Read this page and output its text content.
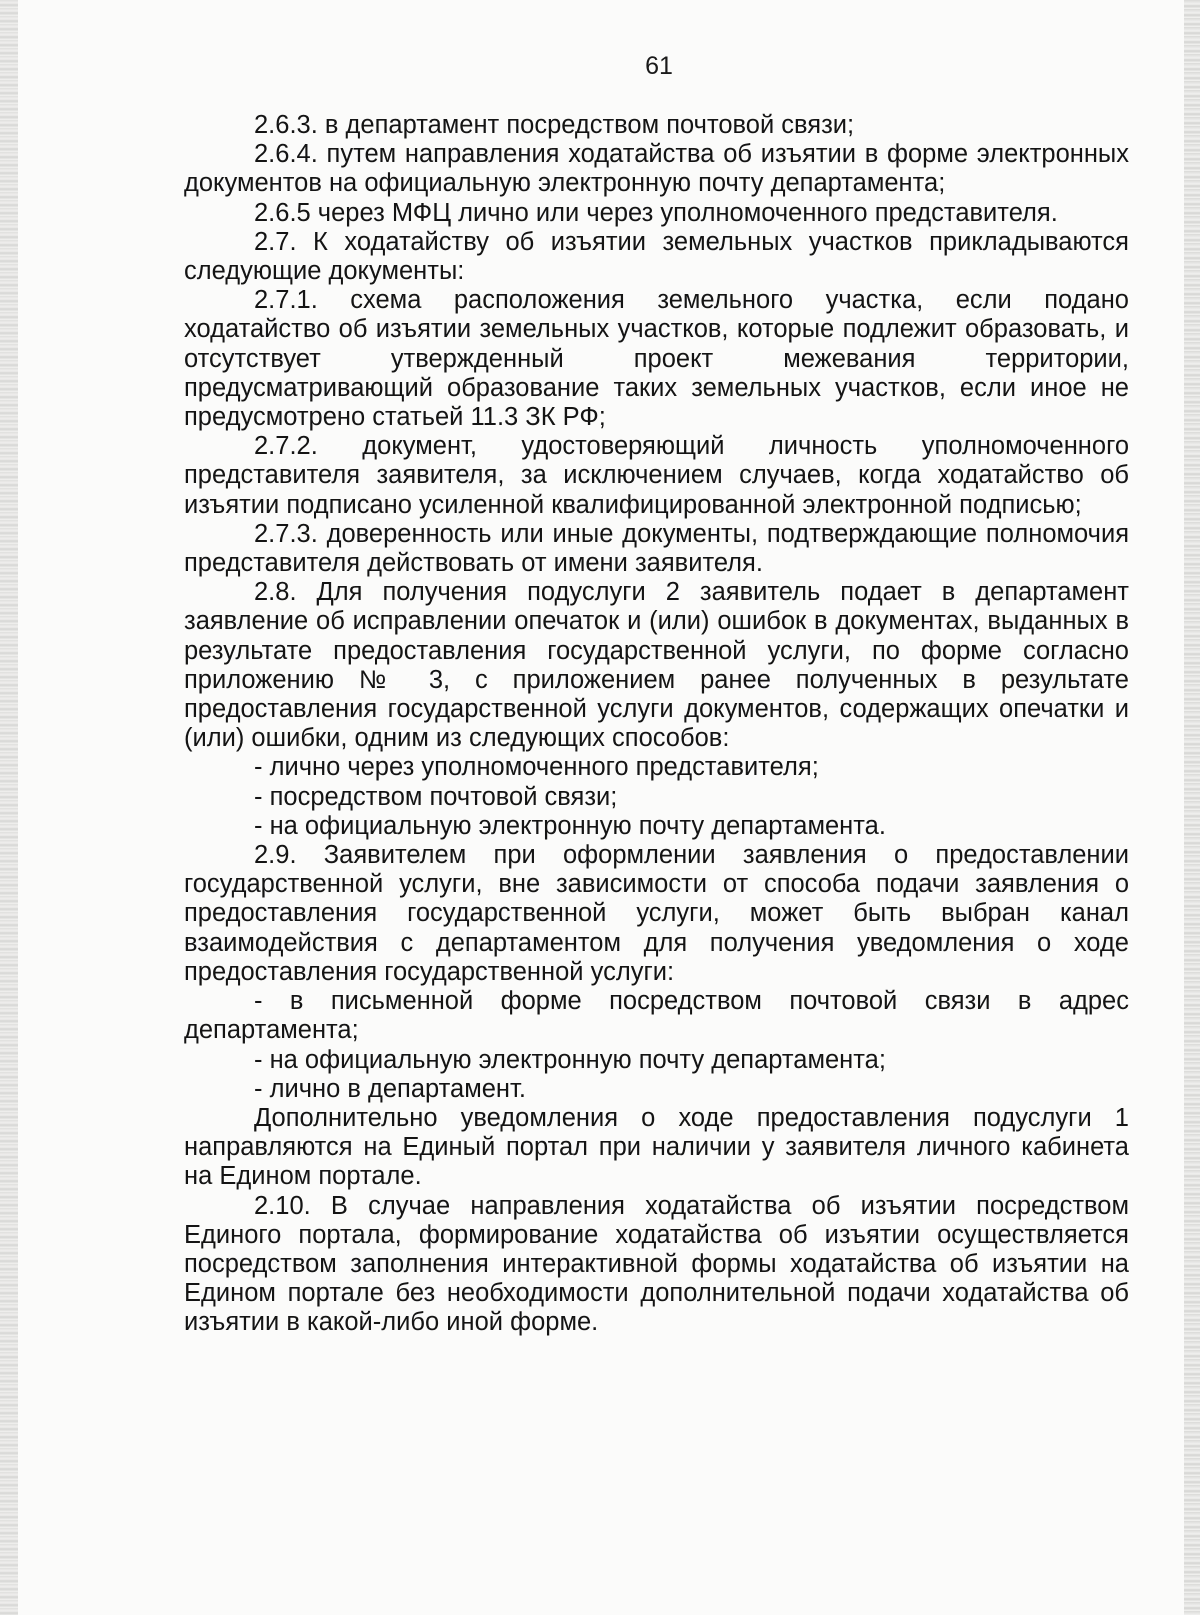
61

2.6.3. в департамент посредством почтовой связи;

2.6.4. путем направления ходатайства об изъятии в форме электронных документов на официальную электронную почту департамента;

2.6.5 через МФЦ лично или через уполномоченного представителя.

2.7. К ходатайству об изъятии земельных участков прикладываются следующие документы:

2.7.1. схема расположения земельного участка, если подано ходатайство об изъятии земельных участков, которые подлежит образовать, и отсутствует утвержденный проект межевания территории, предусматривающий образование таких земельных участков, если иное не предусмотрено статьей 11.3 ЗК РФ;

2.7.2. документ, удостоверяющий личность уполномоченного представителя заявителя, за исключением случаев, когда ходатайство об изъятии подписано усиленной квалифицированной электронной подписью;

2.7.3. доверенность или иные документы, подтверждающие полномочия представителя действовать от имени заявителя.

2.8. Для получения подуслуги 2 заявитель подает в департамент заявление об исправлении опечаток и (или) ошибок в документах, выданных в результате предоставления государственной услуги, по форме согласно приложению № 3, с приложением ранее полученных в результате предоставления государственной услуги документов, содержащих опечатки и (или) ошибки, одним из следующих способов:

- лично через уполномоченного представителя;

- посредством почтовой связи;

- на официальную электронную почту департамента.

2.9. Заявителем при оформлении заявления о предоставлении государственной услуги, вне зависимости от способа подачи заявления о предоставления государственной услуги, может быть выбран канал взаимодействия с департаментом для получения уведомления о ходе предоставления государственной услуги:

- в письменной форме посредством почтовой связи в адрес департамента;

- на официальную электронную почту департамента;

- лично в департамент.

Дополнительно уведомления о ходе предоставления подуслуги 1 направляются на Единый портал при наличии у заявителя личного кабинета на Едином портале.

2.10. В случае направления ходатайства об изъятии посредством Единого портала, формирование ходатайства об изъятии осуществляется посредством заполнения интерактивной формы ходатайства об изъятии на Едином портале без необходимости дополнительной подачи ходатайства об изъятии в какой-либо иной форме.
